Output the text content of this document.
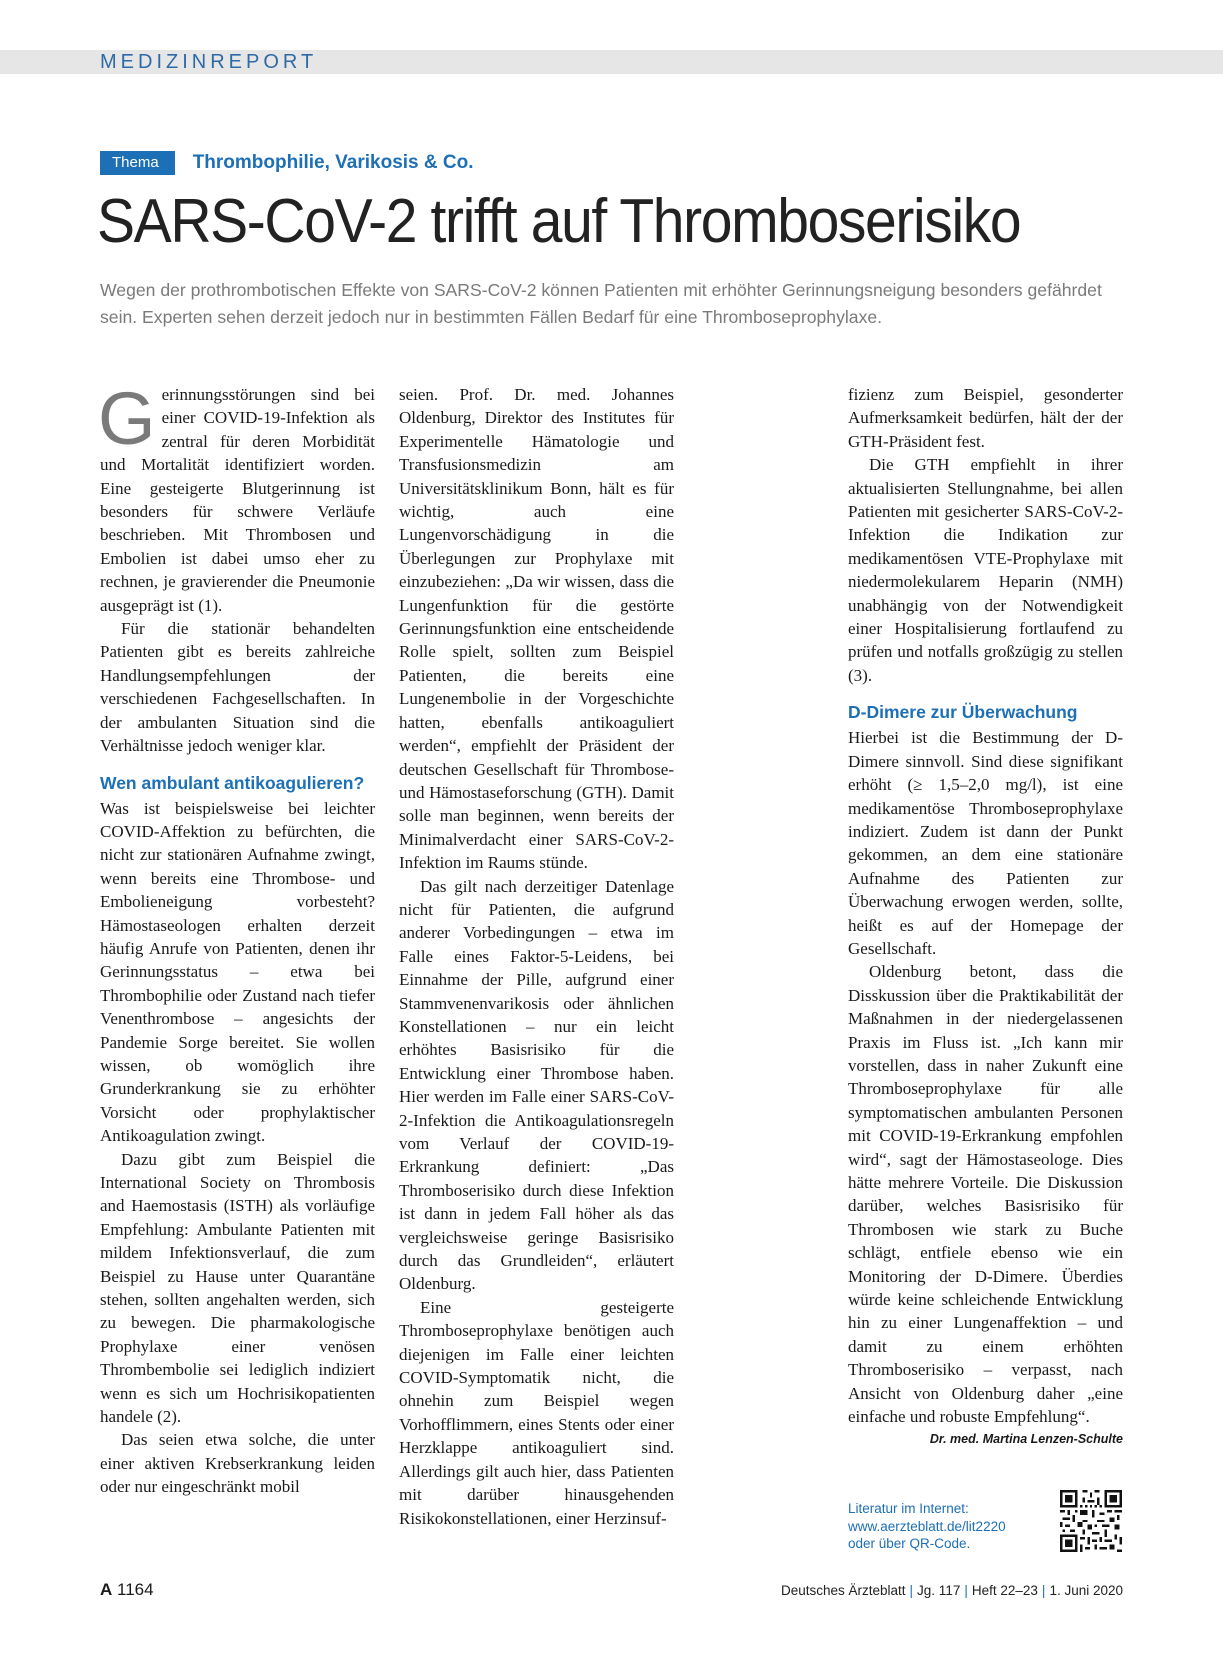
MEDIZINREPORT
Thema	Thrombophilie, Varikosis & Co.
SARS-CoV-2 trifft auf Thromboserisiko

Wegen der prothrombotischen Effekte von SARS-CoV-2 können Patienten mit erhöhter Gerinnungsneigung besonders gefährdet sein. Experten sehen derzeit jedoch nur in bestimmten Fällen Bedarf für eine Thromboseprophylaxe.

Gerinnungsstörungen sind bei einer COVID-19-Infektion als zentral für deren Morbidität und Mortalität identifiziert worden. Eine gesteigerte Blutgerinnung ist besonders für schwere Verläufe beschrieben. Mit Thrombosen und Embolien ist dabei umso eher zu rechnen, je gravierender die Pneumonie ausgeprägt ist (1).

Für die stationär behandelten Patienten gibt es bereits zahlreiche Handlungsempfehlungen der verschiedenen Fachgesellschaften. In der ambulanten Situation sind die Verhältnisse jedoch weniger klar.

Wen ambulant antikoagulieren?

Was ist beispielsweise bei leichter COVID-Affektion zu befürchten, die nicht zur stationären Aufnahme zwingt, wenn bereits eine Thrombose- und Embolieneigung vorbesteht? Hämostaseologen erhalten derzeit häufig Anrufe von Patienten, denen ihr Gerinnungsstatus – etwa bei Thrombophilie oder Zustand nach tiefer Venenthrombose – angesichts der Pandemie Sorge bereitet. Sie wollen wissen, ob womöglich ihre Grunderkrankung sie zu erhöhter Vorsicht oder prophylaktischer Antikoagulation zwingt.

Dazu gibt zum Beispiel die International Society on Thrombosis and Haemostasis (ISTH) als vorläufige Empfehlung: Ambulante Patienten mit mildem Infektionsverlauf, die zum Beispiel zu Hause unter Quarantäne stehen, sollten angehalten werden, sich zu bewegen. Die pharmakologische Prophylaxe einer venösen Thrombembolie sei lediglich indiziert wenn es sich um Hochrisikopatienten handele (2).

Das seien etwa solche, die unter einer aktiven Krebserkrankung leiden oder nur eingeschränkt mobil

seien. Prof. Dr. med. Johannes Oldenburg, Direktor des Institutes für Experimentelle Hämatologie und Transfusionsmedizin am Universitätsklinikum Bonn, hält es für wichtig, auch eine Lungenvorschädigung in die Überlegungen zur Prophylaxe mit einzubeziehen: „Da wir wissen, dass die Lungenfunktion für die gestörte Gerinnungsfunktion eine entscheidende Rolle spielt, sollten zum Beispiel Patienten, die bereits eine Lungenembolie in der Vorgeschichte hatten, ebenfalls antikoaguliert werden“, empfiehlt der Präsident der deutschen Gesellschaft für Thrombose- und Hämostaseforschung (GTH). Damit solle man beginnen, wenn bereits der Minimalverdacht einer SARS-CoV-2-Infektion im Raums stünde.

Das gilt nach derzeitiger Datenlage nicht für Patienten, die aufgrund anderer Vorbedingungen – etwa im Falle eines Faktor-5-Leidens, bei Einnahme der Pille, aufgrund einer Stammvenenvarikosis oder ähnlichen Konstellationen – nur ein leicht erhöhtes Basisrisiko für die Entwicklung einer Thrombose haben. Hier werden im Falle einer SARS-CoV-2-Infektion die Antikoagulationsregeln vom Verlauf der COVID-19-Erkrankung definiert: „Das Thromboserisiko durch diese Infektion ist dann in jedem Fall höher als das vergleichsweise geringe Basisrisiko durch das Grundleiden“, erläutert Oldenburg.

Eine gesteigerte Thromboseprophylaxe benötigen auch diejenigen im Falle einer leichten COVID-Symptomatik nicht, die ohnehin zum Beispiel wegen Vorhofflimmern, eines Stents oder einer Herzklappe antikoaguliert sind. Allerdings gilt auch hier, dass Patienten mit darüber hinausgehenden Risikokonstellationen, einer Herzinsuf-

fizienz zum Beispiel, gesonderter Aufmerksamkeit bedürfen, hält der der GTH-Präsident fest.

Die GTH empfiehlt in ihrer aktualisierten Stellungnahme, bei allen Patienten mit gesicherter SARS-CoV-2-Infektion die Indikation zur medikamentösen VTE-Prophylaxe mit niedermolekularem Heparin (NMH) unabhängig von der Notwendigkeit einer Hospitalisierung fortlaufend zu prüfen und notfalls großzügig zu stellen (3).

D-Dimere zur Überwachung

Hierbei ist die Bestimmung der D-Dimere sinnvoll. Sind diese signifikant erhöht (≥ 1,5–2,0 mg/l), ist eine medikamentöse Thromboseprophylaxe indiziert. Zudem ist dann der Punkt gekommen, an dem eine stationäre Aufnahme des Patienten zur Überwachung erwogen werden, sollte, heißt es auf der Homepage der Gesellschaft.

Oldenburg betont, dass die Disskussion über die Praktikabilität der Maßnahmen in der niedergelassenen Praxis im Fluss ist. „Ich kann mir vorstellen, dass in naher Zukunft eine Thromboseprophylaxe für alle symptomatischen ambulanten Personen mit COVID-19-Erkrankung empfohlen wird“, sagt der Hämostaseologe. Dies hätte mehrere Vorteile. Die Diskussion darüber, welches Basisrisiko für Thrombosen wie stark zu Buche schlägt, entfiele ebenso wie ein Monitoring der D-Dimere. Überdies würde keine schleichende Entwicklung hin zu einer Lungenaffektion – und damit zu einem erhöhten Thromboserisiko – verpasst, nach Ansicht von Oldenburg daher „eine einfache und robuste Empfehlung“.
Dr. med. Martina Lenzen-Schulte

Literatur im Internet:
www.aerzteblatt.de/lit2220
oder über QR-Code.
A 1164	Deutsches Ärzteblatt | Jg. 117 | Heft 22–23 | 1. Juni 2020
